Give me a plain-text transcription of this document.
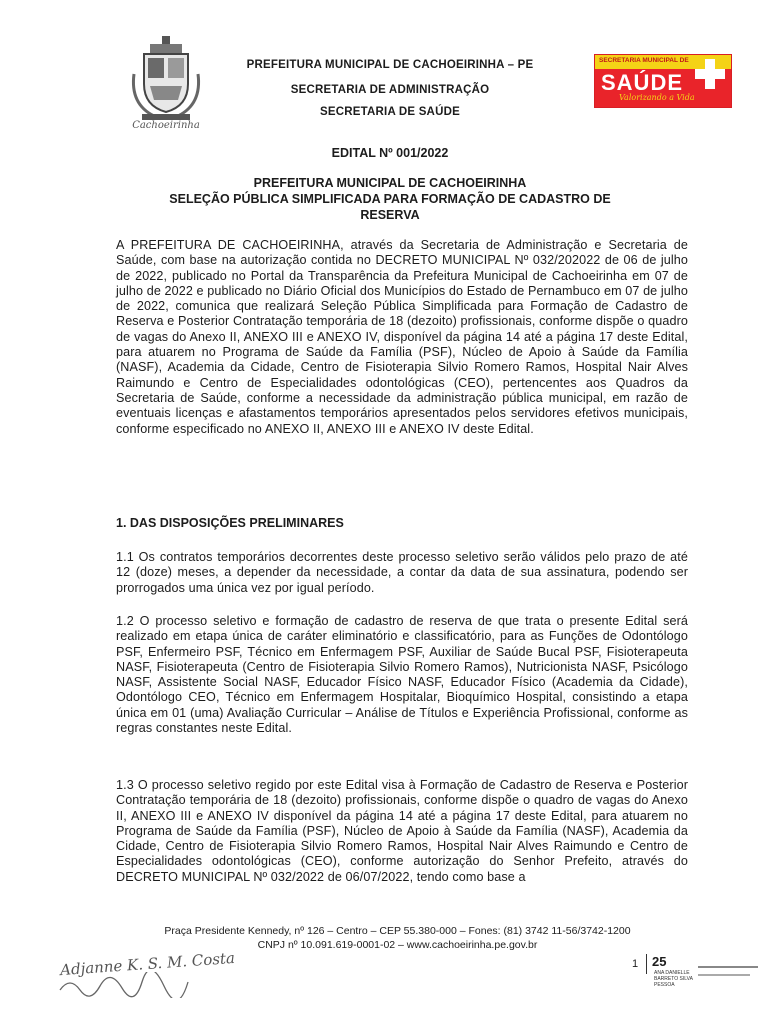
Cachoeirinha
PREFEITURA MUNICIPAL DE CACHOEIRINHA – PE
SECRETARIA DE ADMINISTRAÇÃO
SECRETARIA DE SAÚDE
SECRETARIA MUNICIPAL DE
SAÚDE
Valorizando a Vida
EDITAL Nº 001/2022
PREFEITURA MUNICIPAL DE CACHOEIRINHA
SELEÇÃO PÚBLICA SIMPLIFICADA PARA FORMAÇÃO DE CADASTRO DE
RESERVA
A PREFEITURA DE CACHOEIRINHA, através da Secretaria de Administração e Secretaria de Saúde, com base na autorização contida no DECRETO MUNICIPAL Nº 032/202022 de 06 de julho de 2022, publicado no Portal da Transparência da Prefeitura Municipal de Cachoeirinha em 07 de julho de 2022 e publicado no Diário Oficial dos Municípios do Estado de Pernambuco em 07 de julho de 2022, comunica que realizará Seleção Pública Simplificada para Formação de Cadastro de Reserva e Posterior Contratação temporária de 18 (dezoito) profissionais, conforme dispõe o quadro de vagas do Anexo II, ANEXO III e ANEXO IV, disponível da página 14 até a página 17 deste Edital, para atuarem no Programa de Saúde da Família (PSF), Núcleo de Apoio à Saúde da Família (NASF), Academia da Cidade, Centro de Fisioterapia Silvio Romero Ramos, Hospital Nair Alves Raimundo e Centro de Especialidades odontológicas (CEO), pertencentes aos Quadros da Secretaria de Saúde, conforme a necessidade da administração pública municipal, em razão de eventuais licenças e afastamentos temporários apresentados pelos servidores efetivos municipais, conforme especificado no ANEXO II, ANEXO III e ANEXO IV deste Edital.
1. DAS DISPOSIÇÕES PRELIMINARES
1.1 Os contratos temporários decorrentes deste processo seletivo serão válidos pelo prazo de até 12 (doze) meses, a depender da necessidade, a contar da data de sua assinatura, podendo ser prorrogados uma única vez por igual período.
1.2 O processo seletivo e formação de cadastro de reserva de que trata o presente Edital será realizado em etapa única de caráter eliminatório e classificatório, para as Funções de Odontólogo PSF, Enfermeiro PSF, Técnico em Enfermagem PSF, Auxiliar de Saúde Bucal PSF, Fisioterapeuta NASF, Fisioterapeuta (Centro de Fisioterapia Silvio Romero Ramos), Nutricionista NASF, Psicólogo NASF, Assistente Social NASF, Educador Físico NASF, Educador Físico (Academia da Cidade), Odontólogo CEO, Técnico em Enfermagem Hospitalar, Bioquímico Hospital, consistindo a etapa única em 01 (uma) Avaliação Curricular – Análise de Títulos e Experiência Profissional, conforme as regras constantes neste Edital.
1.3 O processo seletivo regido por este Edital visa à Formação de Cadastro de Reserva e Posterior Contratação temporária de 18 (dezoito) profissionais, conforme dispõe o quadro de vagas do Anexo II, ANEXO III e ANEXO IV disponível da página 14 até a página 17 deste Edital, para atuarem no Programa de Saúde da Família (PSF), Núcleo de Apoio à Saúde da Família (NASF), Academia da Cidade, Centro de Fisioterapia Silvio Romero Ramos, Hospital Nair Alves Raimundo e Centro de Especialidades odontológicas (CEO), conforme autorização do Senhor Prefeito, através do DECRETO MUNICIPAL Nº 032/2022 de 06/07/2022, tendo como base a
Praça Presidente Kennedy, nº 126 – Centro – CEP 55.380-000 – Fones: (81) 3742 11-56/3742-1200
CNPJ nº 10.091.619-0001-02 – www.cachoeirinha.pe.gov.br
Adjanne K. S. M. Costa	1 25
ANA DANIELLE BARRETO SILVA PESSOA
